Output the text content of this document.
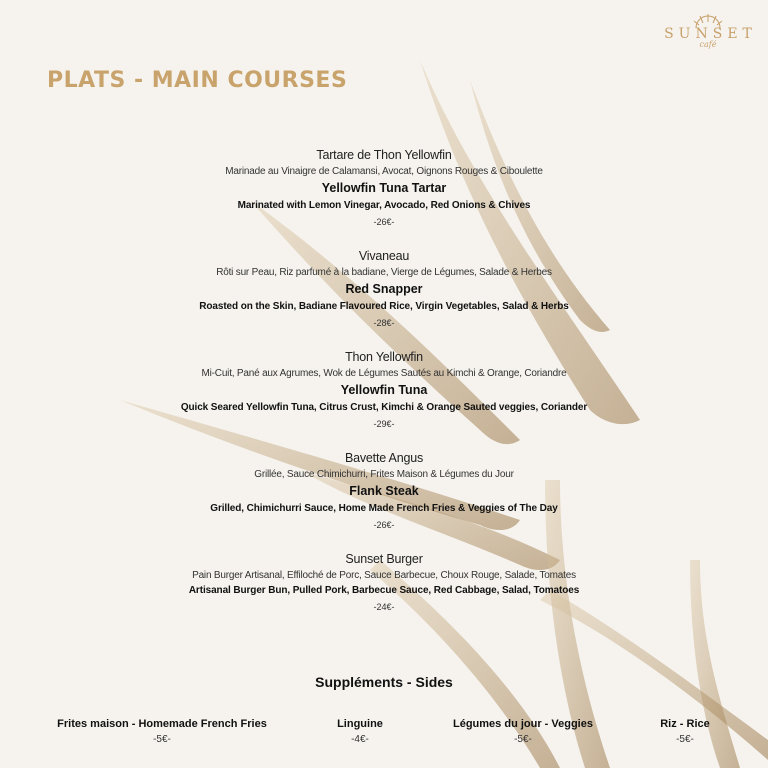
SUNSET
café
PLATS - MAIN COURSES
Tartare de Thon Yellowfin
Marinade au Vinaigre de Calamansi, Avocat, Oignons Rouges & Ciboulette
Yellowfin Tuna Tartar
Marinated with Lemon Vinegar, Avocado, Red Onions & Chives
-26€-
Vivaneau
Rôti sur Peau, Riz parfumé à la badiane, Vierge de Légumes, Salade & Herbes
Red Snapper
Roasted on the Skin, Badiane Flavoured Rice, Virgin Vegetables, Salad & Herbs
-28€-
Thon Yellowfin
Mi-Cuit, Pané aux Agrumes, Wok de Légumes Sautés au Kimchi & Orange, Coriandre
Yellowfin Tuna
Quick Seared Yellowfin Tuna, Citrus Crust, Kimchi & Orange Sauted veggies, Coriander
-29€-
Bavette Angus
Grillée, Sauce Chimichurri, Frites Maison & Légumes du Jour
Flank Steak
Grilled, Chimichurri Sauce, Home Made French Fries & Veggies of The Day
-26€-
Sunset Burger
Pain Burger Artisanal, Effiloché de Porc, Sauce Barbecue, Choux Rouge, Salade, Tomates
Artisanal Burger Bun, Pulled Pork, Barbecue Sauce, Red Cabbage, Salad, Tomatoes
-24€-
Suppléments - Sides
Frites maison - Homemade French Fries
-5€-
Linguine
-4€-
Légumes du jour - Veggies
-5€-
Riz - Rice
-5€-
